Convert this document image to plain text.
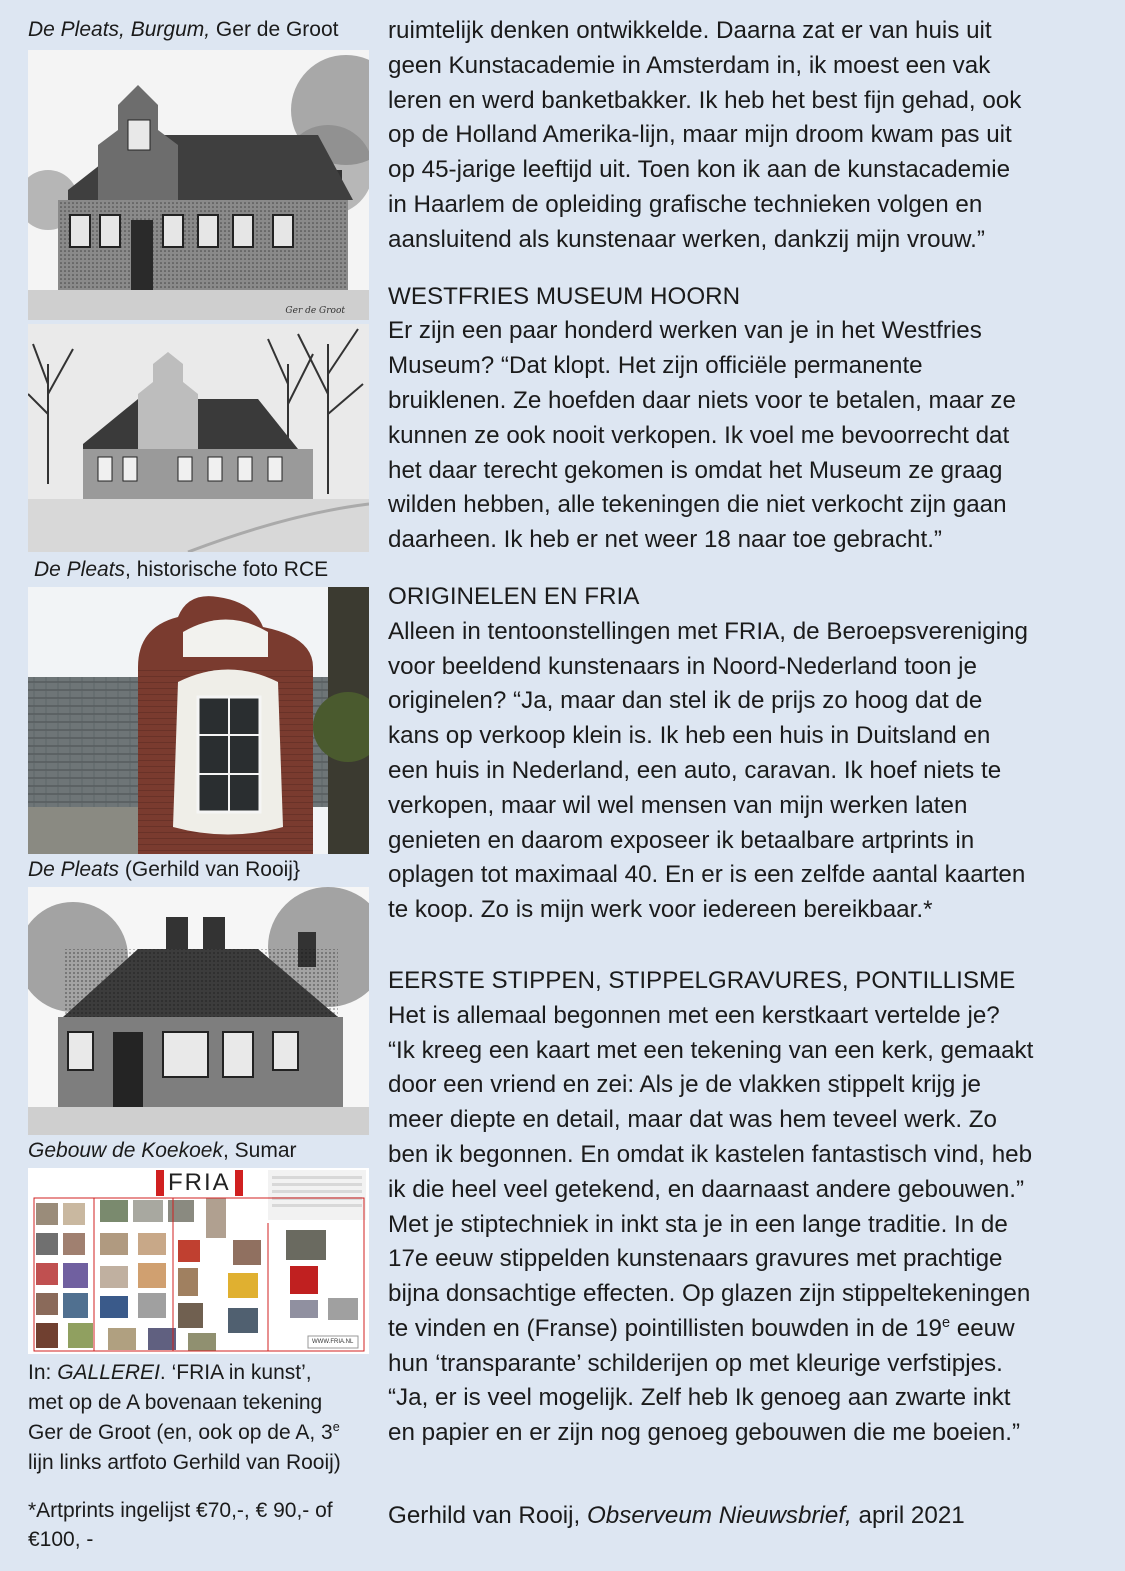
De Pleats, Burgum, Ger de Groot
Ger de Groot
De Pleats, historische foto RCE
De Pleats (Gerhild van Rooij}
Gebouw de Koekoek, Sumar
FRIA
WWW.FRIA.NL
In: GALLEREI. ‘FRIA in kunst’,
met op de A bovenaan tekening
Ger de Groot (en, ook op de A, 3e
lijn links artfoto Gerhild van Rooij)
*Artprints ingelijst €70,-, € 90,- of
€100, -

ruimtelijk denken ontwikkelde. Daarna zat er van huis uit

geen Kunstacademie in Amsterdam in, ik moest een vak

leren en werd banketbakker. Ik heb het best fijn gehad, ook

op de Holland Amerika-lijn, maar mijn droom kwam pas uit

op 45-jarige leeftijd uit. Toen kon ik aan de kunstacademie

in Haarlem de opleiding grafische technieken volgen en

aansluitend als kunstenaar werken, dankzij mijn vrouw.”

WESTFRIES MUSEUM HOORN

Er zijn een paar honderd werken van je in het Westfries

Museum? “Dat klopt. Het zijn officiële permanente

bruiklenen. Ze hoefden daar niets voor te betalen, maar ze

kunnen ze ook nooit verkopen. Ik voel me bevoorrecht dat

het daar terecht gekomen is omdat het Museum ze graag

wilden hebben, alle tekeningen die niet verkocht zijn gaan

daarheen. Ik heb er net weer 18 naar toe gebracht.”

ORIGINELEN EN FRIA

Alleen in tentoonstellingen met FRIA, de Beroepsvereniging

voor beeldend kunstenaars in Noord-Nederland toon je

originelen? “Ja, maar dan stel ik de prijs zo hoog dat de

kans op verkoop klein is. Ik heb een huis in Duitsland en

een huis in Nederland, een auto, caravan. Ik hoef niets te

verkopen, maar wil wel mensen van mijn werken laten

genieten en daarom exposeer ik betaalbare artprints in

oplagen tot maximaal 40. En er is een zelfde aantal kaarten

te koop. Zo is mijn werk voor iedereen bereikbaar.*

EERSTE STIPPEN, STIPPELGRAVURES, PONTILLISME

Het is allemaal begonnen met een kerstkaart vertelde je?

“Ik kreeg een kaart met een tekening van een kerk, gemaakt

door een vriend en zei: Als je de vlakken stippelt krijg je

meer diepte en detail, maar dat was hem teveel werk. Zo

ben ik begonnen. En omdat ik kastelen fantastisch vind, heb

ik die heel veel getekend, en daarnaast andere gebouwen.”

Met je stiptechniek in inkt sta je in een lange traditie. In de

17e eeuw stippelden kunstenaars gravures met prachtige

bijna donsachtige effecten. Op glazen zijn stippeltekeningen

te vinden en (Franse) pointillisten bouwden in de 19e eeuw

hun ‘transparante’ schilderijen op met kleurige verfstipjes.

“Ja, er is veel mogelijk. Zelf heb Ik genoeg aan zwarte inkt

en papier en er zijn nog genoeg gebouwen die me boeien.”

Gerhild van Rooij, Observeum Nieuwsbrief, april 2021
